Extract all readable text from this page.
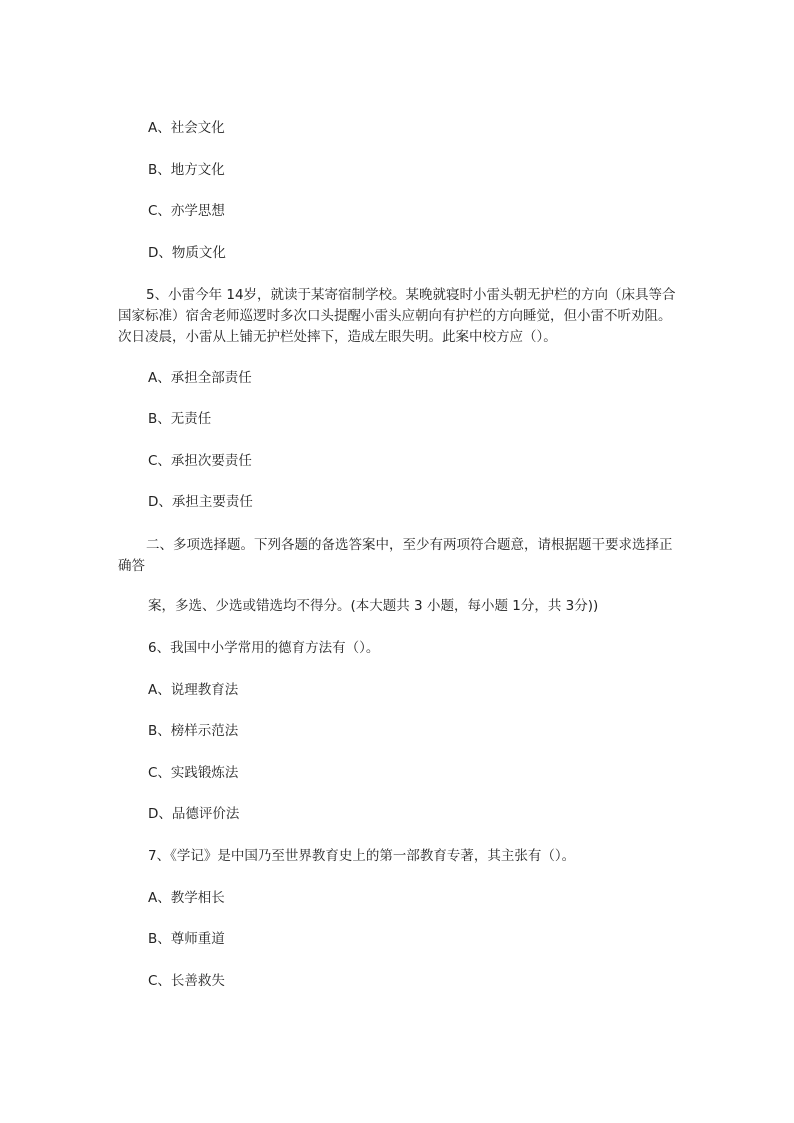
A、社会文化
B、地方文化
C、亦学思想
D、物质文化
5、小雷今年 14岁，就读于某寄宿制学校。某晚就寝时小雷头朝无护栏的方向（床具等合国家标准）宿舍老师巡逻时多次口头提醒小雷头应朝向有护栏的方向睡觉，但小雷不听劝阻。次日凌晨，小雷从上铺无护栏处摔下，造成左眼失明。此案中校方应（）。
A、承担全部责任
B、无责任
C、承担次要责任
D、承担主要责任
二、多项选择题。下列各题的备选答案中，至少有两项符合题意，请根据题干要求选择正确答
案，多选、少选或错选均不得分。(本大题共 3 小题，每小题 1分，共 3分))
6、我国中小学常用的德育方法有（）。
A、说理教育法
B、榜样示范法
C、实践锻炼法
D、品德评价法
7、《学记》是中国乃至世界教育史上的第一部教育专著，其主张有（）。
A、教学相长
B、尊师重道
C、长善救失
